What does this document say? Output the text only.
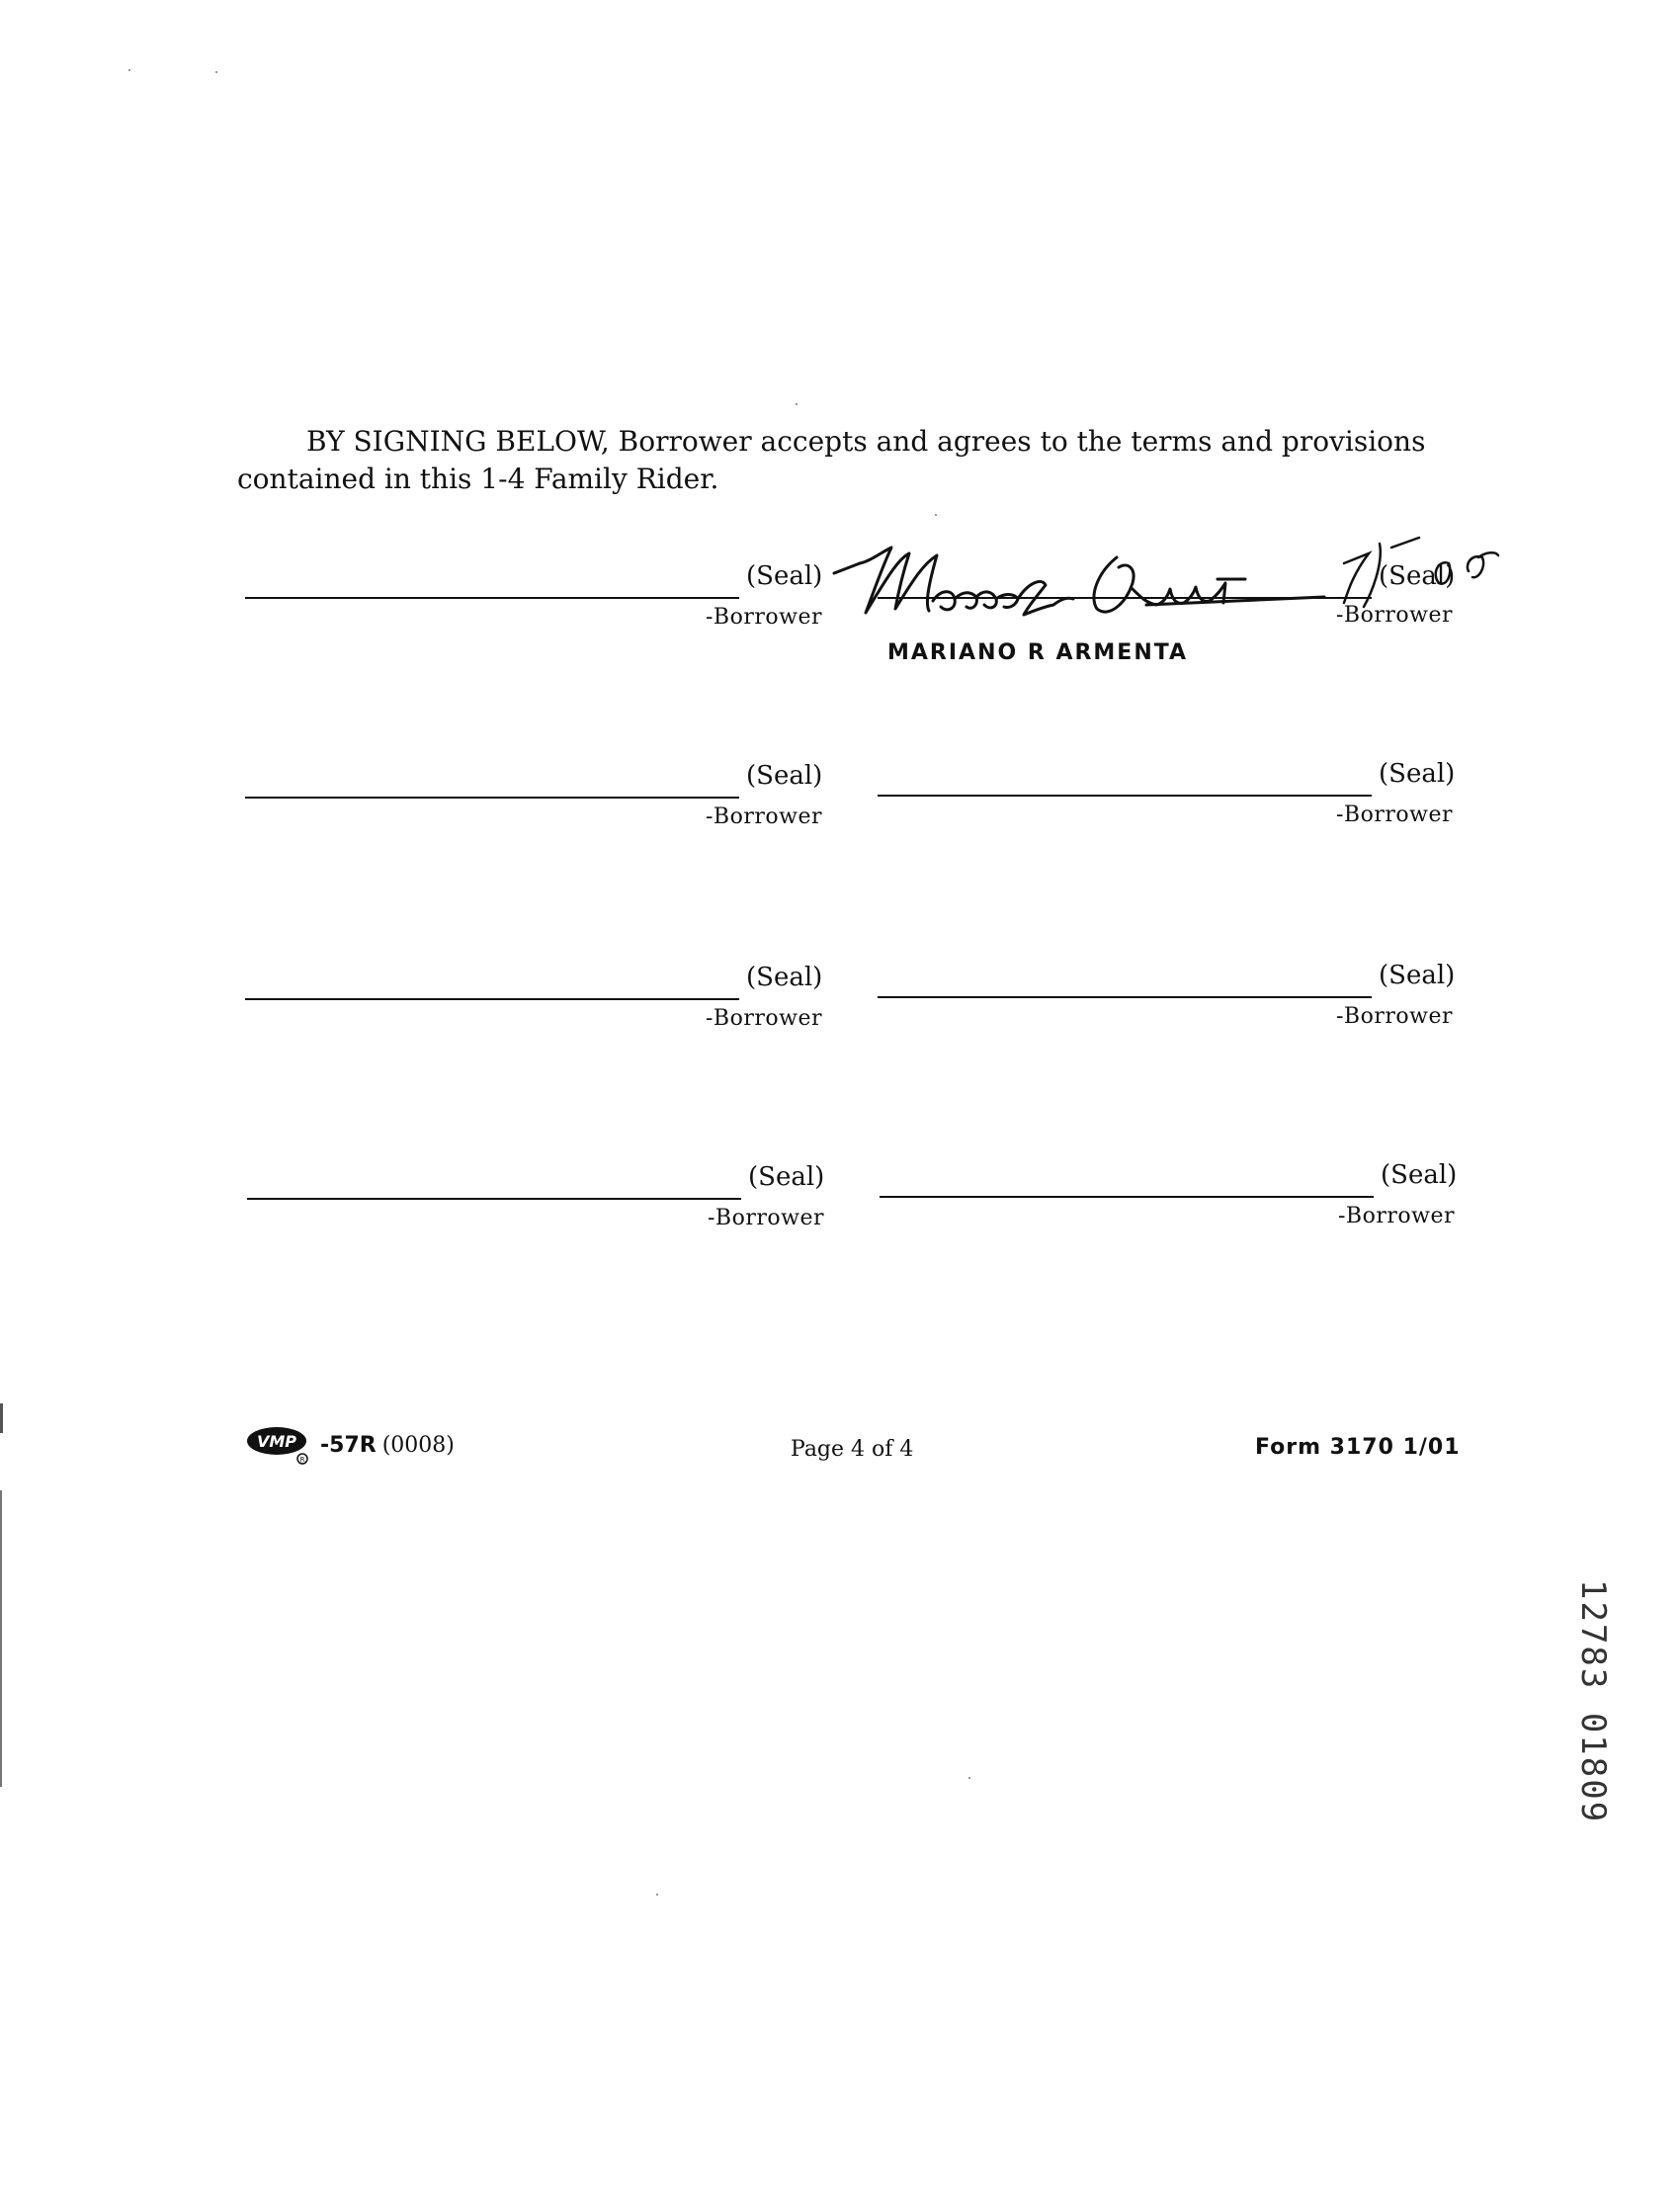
BY SIGNING BELOW, Borrower accepts and agrees to the terms and provisions contained in this 1-4 Family Rider.
(Seal)
-Borrower
(Seal)
-Borrower
MARIANO R ARMENTA
(Seal)
-Borrower
(Seal)
-Borrower
(Seal)
-Borrower
(Seal)
-Borrower
(Seal)
-Borrower
(Seal)
-Borrower
VMP
R
-57R (0008)	Page 4 of 4	Form 3170 1/01
12783 01809
